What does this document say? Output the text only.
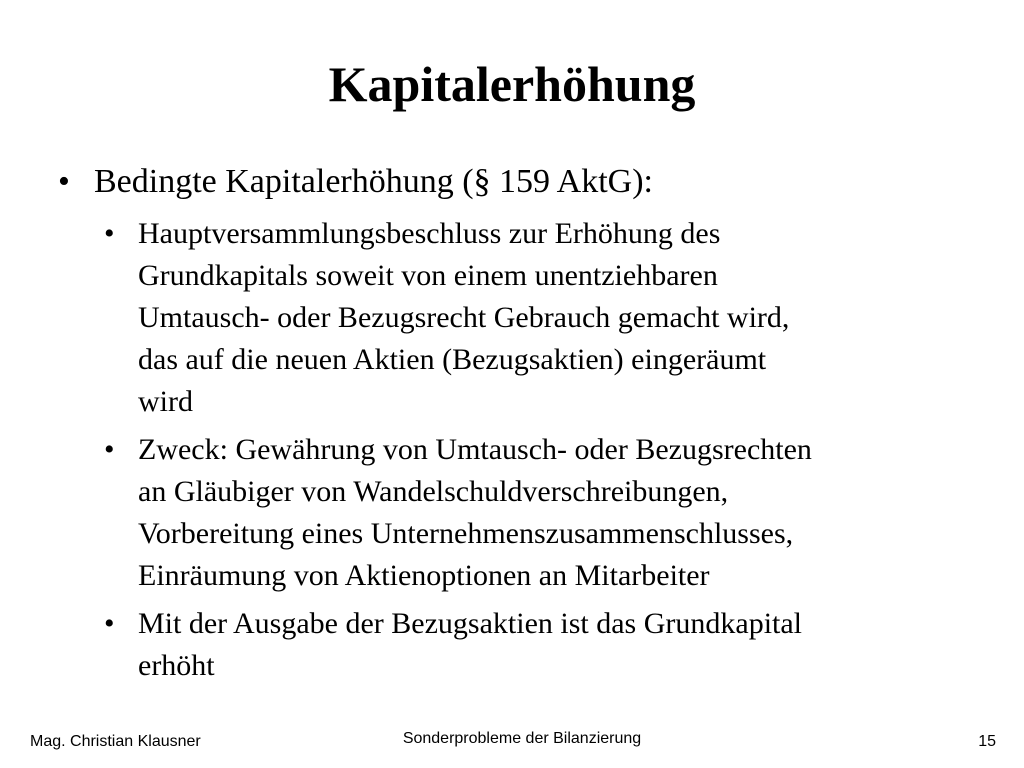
Kapitalerhöhung
• Bedingte Kapitalerhöhung (§ 159 AktG):
• Hauptversammlungsbeschluss zur Erhöhung des
Grundkapitals soweit von einem unentziehbaren
Umtausch- oder Bezugsrecht Gebrauch gemacht wird,
das auf die neuen Aktien (Bezugsaktien) eingeräumt
wird
• Zweck: Gewährung von Umtausch- oder Bezugsrechten
an Gläubiger von Wandelschuldverschreibungen,
Vorbereitung eines Unternehmenszusammenschlusses,
Einräumung von Aktienoptionen an Mitarbeiter
• Mit der Ausgabe der Bezugsaktien ist das Grundkapital
erhöht
Mag. Christian Klausner	Sonderprobleme der Bilanzierung	15
